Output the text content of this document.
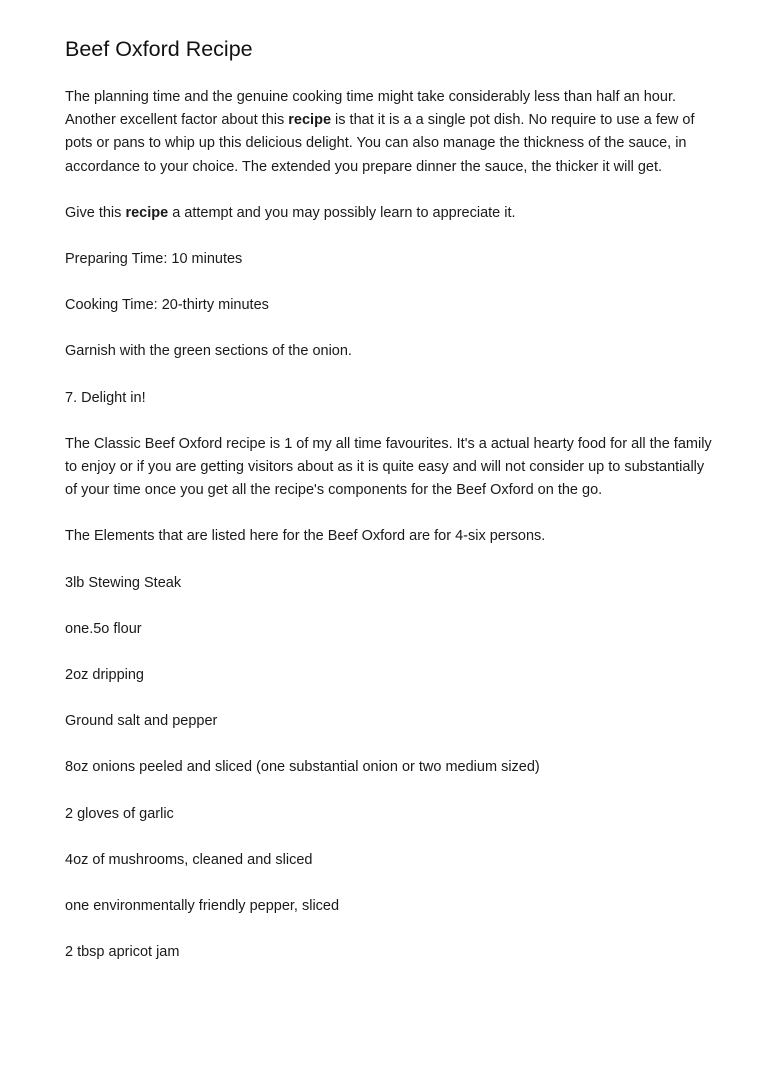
Beef Oxford Recipe

The planning time and the genuine cooking time might take considerably less than half an hour. Another excellent factor about this recipe is that it is a a single pot dish. No require to use a few of pots or pans to whip up this delicious delight. You can also manage the thickness of the sauce, in accordance to your choice. The extended you prepare dinner the sauce, the thicker it will get.

Give this recipe a attempt and you may possibly learn to appreciate it.

Preparing Time: 10 minutes

Cooking Time: 20-thirty minutes

Garnish with the green sections of the onion.

7. Delight in!

The Classic Beef Oxford recipe is 1 of my all time favourites. It's a actual hearty food for all the family to enjoy or if you are getting visitors about as it is quite easy and will not consider up to substantially of your time once you get all the recipe's components for the Beef Oxford on the go.

The Elements that are listed here for the Beef Oxford are for 4-six persons.

3lb Stewing Steak

one.5o flour

2oz dripping

Ground salt and pepper

8oz onions peeled and sliced (one substantial onion or two medium sized)

2 gloves of garlic

4oz of mushrooms, cleaned and sliced

one environmentally friendly pepper, sliced

2 tbsp apricot jam
